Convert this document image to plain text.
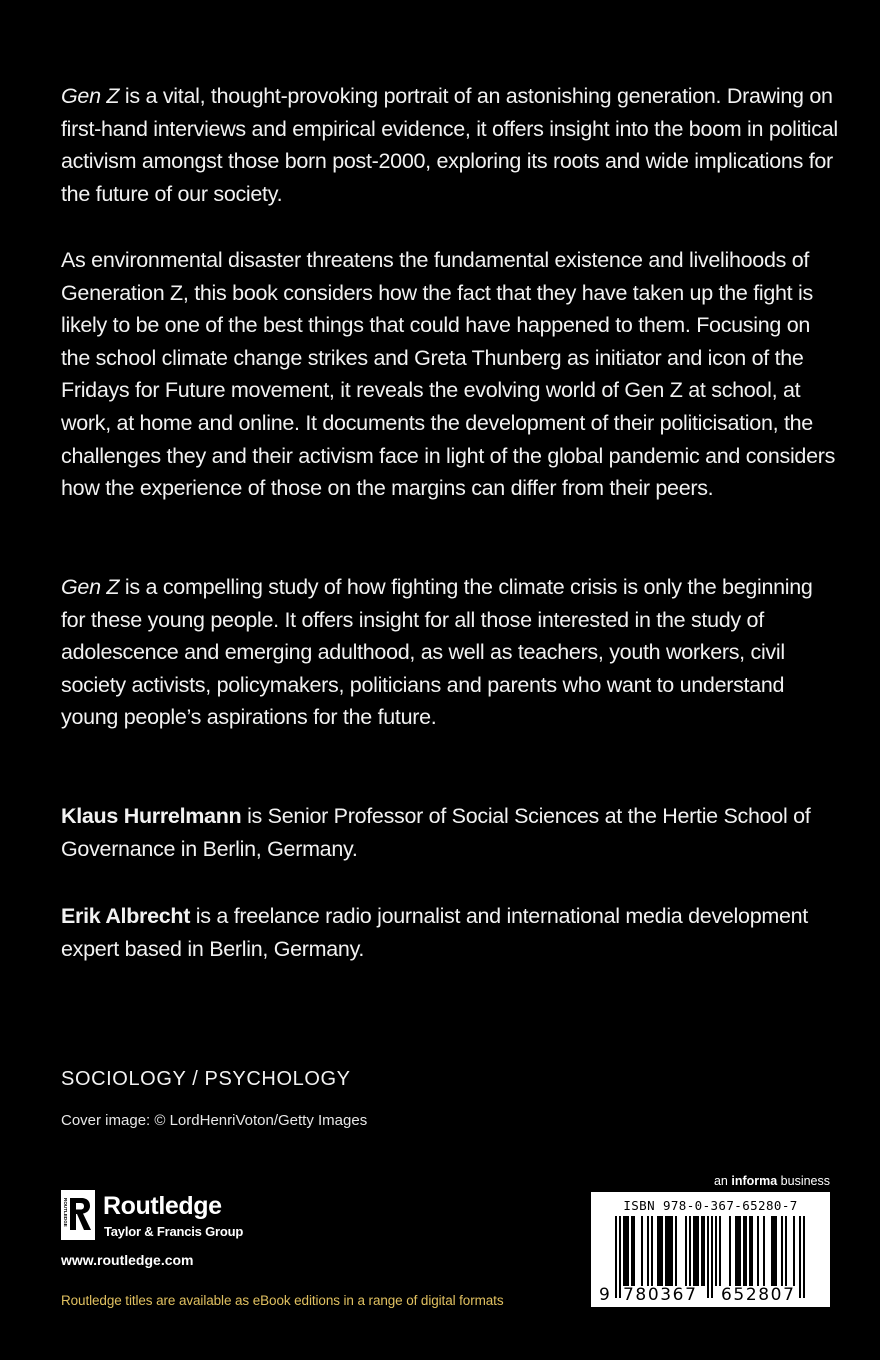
Gen Z is a vital, thought-provoking portrait of an astonishing generation. Drawing on first-hand interviews and empirical evidence, it offers insight into the boom in political activism amongst those born post-2000, exploring its roots and wide implications for the future of our society.

As environmental disaster threatens the fundamental existence and livelihoods of Generation Z, this book considers how the fact that they have taken up the fight is likely to be one of the best things that could have happened to them. Focusing on the school climate change strikes and Greta Thunberg as initiator and icon of the Fridays for Future movement, it reveals the evolving world of Gen Z at school, at work, at home and online. It documents the development of their politicisation, the challenges they and their activism face in light of the global pandemic and considers how the experience of those on the margins can differ from their peers.

Gen Z is a compelling study of how fighting the climate crisis is only the beginning for these young people. It offers insight for all those interested in the study of adolescence and emerging adulthood, as well as teachers, youth workers, civil society activists, policymakers, politicians and parents who want to understand young people’s aspirations for the future.

Klaus Hurrelmann is Senior Professor of Social Sciences at the Hertie School of Governance in Berlin, Germany.

Erik Albrecht is a freelance radio journalist and international media development expert based in Berlin, Germany.

SOCIOLOGY / PSYCHOLOGY

Cover image: © LordHenriVoton/Getty Images

ROUTLEDGE Routledge
Taylor & Francis Group

www.routledge.com

Routledge titles are available as eBook editions in a range of digital formats

an informa business

ISBN 978-0-367-65280-7
9 780367 652807
